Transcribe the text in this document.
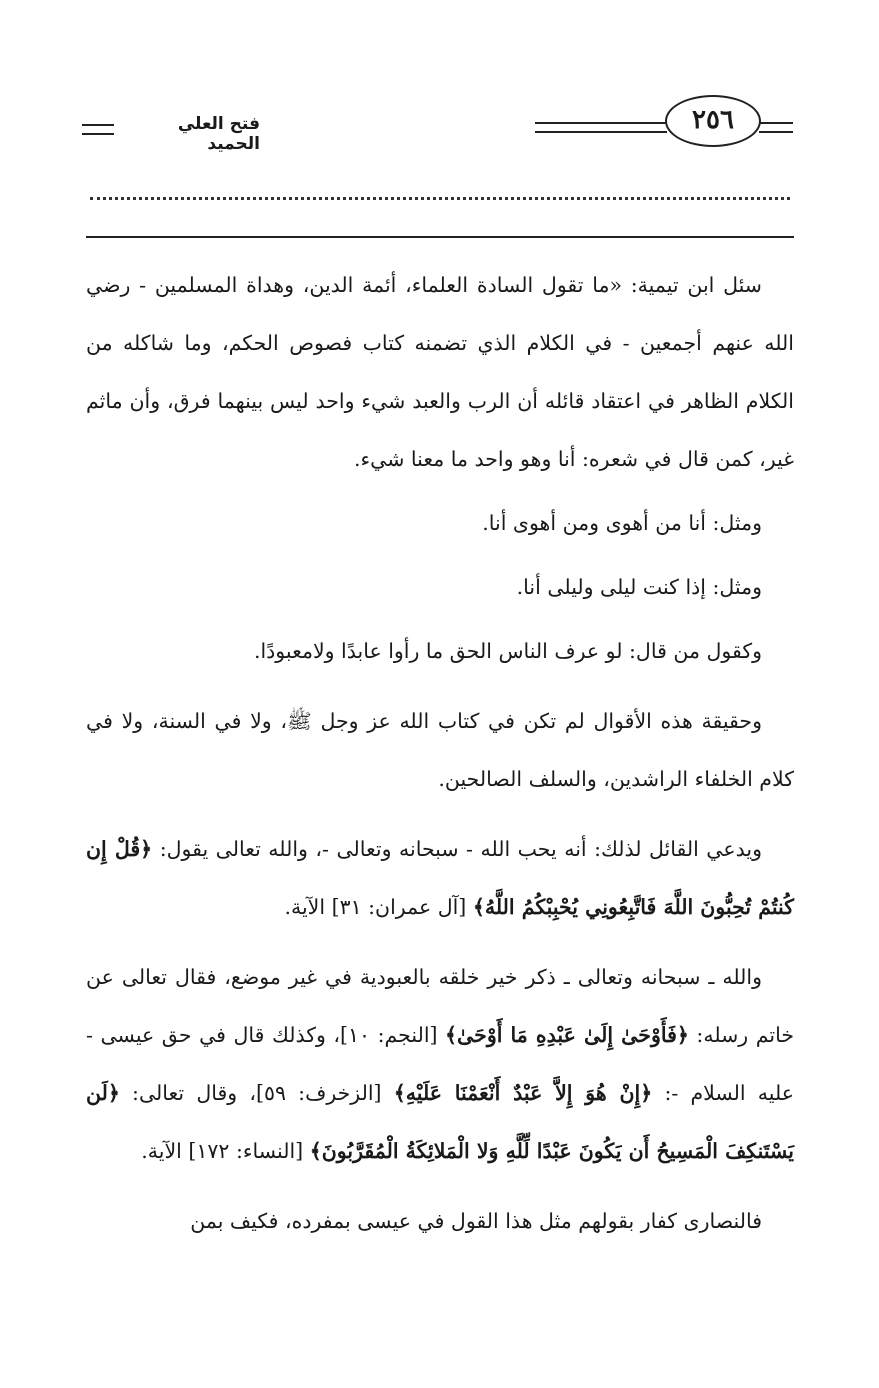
فتح العلي الحميد
٢٥٦

سئل ابن تيمية: «ما تقول السادة العلماء، أئمة الدين، وهداة المسلمين - رضي الله عنهم أجمعين - في الكلام الذي تضمنه كتاب فصوص الحكم، وما شاكله من الكلام الظاهر في اعتقاد قائله أن الرب والعبد شيء واحد ليس بينهما فرق، وأن ماثم غير، كمن قال في شعره: أنا وهو واحد ما معنا شيء.

ومثل: أنا من أهوى ومن أهوى أنا.

ومثل: إذا كنت ليلى وليلى أنا.

وكقول من قال: لو عرف الناس الحق ما رأوا عابدًا ولامعبودًا.

وحقيقة هذه الأقوال لم تكن في كتاب الله عز وجل ﷺ، ولا في السنة، ولا في كلام الخلفاء الراشدين، والسلف الصالحين.

ويدعي القائل لذلك: أنه يحب الله - سبحانه وتعالى -، والله تعالى يقول: ﴿قُلْ إِن كُنتُمْ تُحِبُّونَ اللَّهَ فَاتَّبِعُونِي يُحْبِبْكُمُ اللَّهُ﴾ [آل عمران: ٣١] الآية.

والله ـ سبحانه وتعالى ـ ذكر خير خلقه بالعبودية في غير موضع، فقال تعالى عن خاتم رسله: ﴿فَأَوْحَىٰ إِلَىٰ عَبْدِهِ مَا أَوْحَىٰ﴾ [النجم: ١٠]، وكذلك قال في حق عيسى - عليه السلام -: ﴿إِنْ هُوَ إِلاَّ عَبْدٌ أَنْعَمْنَا عَلَيْهِ﴾ [الزخرف: ٥٩]، وقال تعالى: ﴿لَن يَسْتَنكِفَ الْمَسِيحُ أَن يَكُونَ عَبْدًا لِّلَّهِ وَلا الْمَلائِكَةُ الْمُقَرَّبُونَ﴾ [النساء: ١٧٢] الآية.

فالنصارى كفار بقولهم مثل هذا القول في عيسى بمفرده، فكيف بمن
